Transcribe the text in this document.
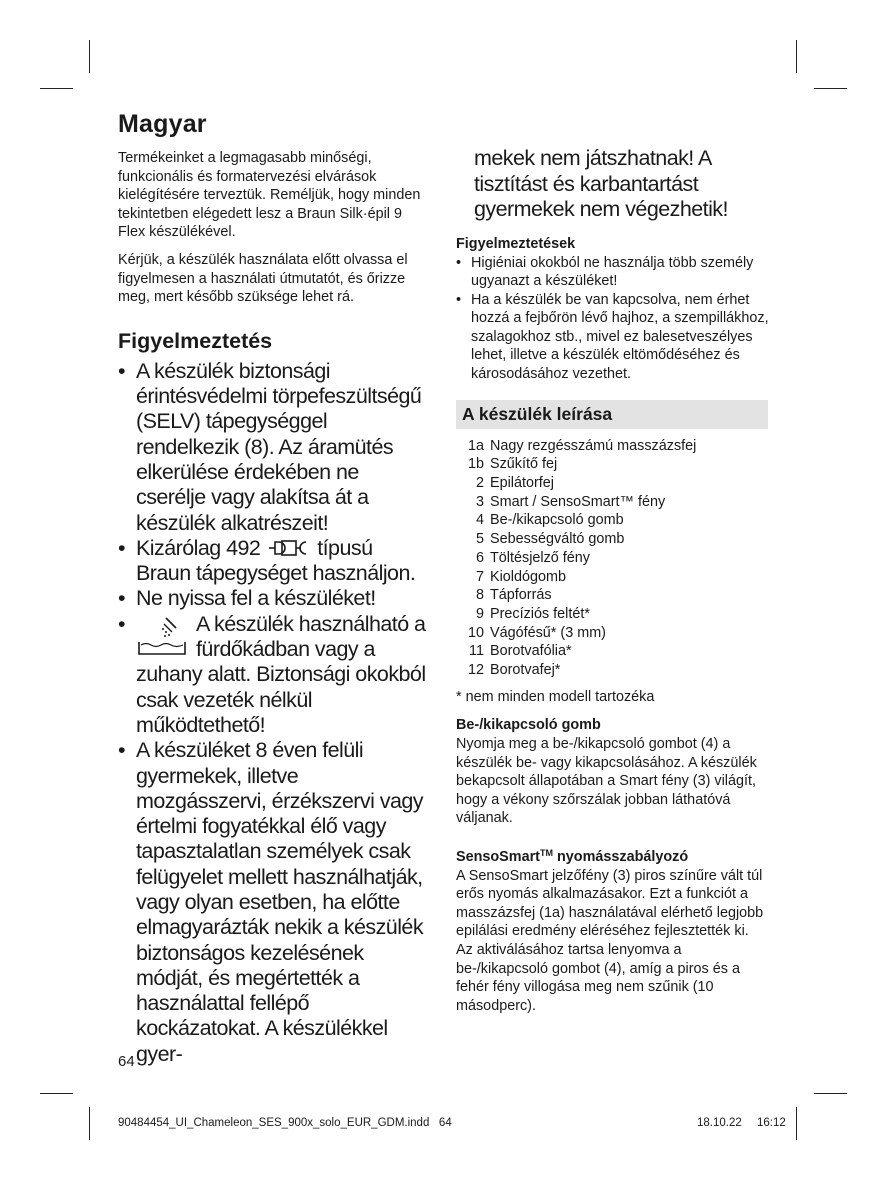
Magyar

Termékeinket a legmagasabb minőségi, funkcionális és formatervezési elvárások kielégítésére terveztük. Reméljük, hogy minden tekintetben elégedett lesz a Braun Silk·épil 9 Flex készülékével.

Kérjük, a készülék használata előtt olvassa el figyelmesen a használati útmutatót, és őrizze meg, mert később szüksége lehet rá.

Figyelmeztetés
• A készülék biztonsági érintésvédelmi törpefeszültségű (SELV) tápegységgel rendelkezik (8). Az áramütés elkerülése érdekében ne cserélje vagy alakítsa át a készülék alkatrészeit!
• Kizárólag 492	típusú Braun tápegységet használjon.
• Ne nyissa fel a készüléket!
•	A készülék használható a fürdőkádban vagy a zuhany alatt. Biztonsági okokból csak vezeték nélkül működtethető!
• A készüléket 8 éven felüli gyermekek, illetve mozgásszervi, érzékszervi vagy értelmi fogyatékkal élő vagy tapasztalatlan személyek csak felügyelet mellett használhatják, vagy olyan esetben, ha előtte elmagyarázták nekik a készülék biztonságos kezelésének módját, és megértették a használattal fellépő kockázatokat. A készülékkel gyer-

mekek nem játszhatnak! A tisztítást és karbantartást gyermekek nem végezhetik!

Figyelmeztetések
• Higiéniai okokból ne használja több személy ugyanazt a készüléket!
• Ha a készülék be van kapcsolva, nem érhet hozzá a fejbőrön lévő hajhoz, a szempillákhoz, szalagokhoz stb., mivel ez balesetveszélyes lehet, illetve a készülék eltömődéséhez és károsodásához vezethet.
A készülék leírása
1a Nagy rezgésszámú masszázsfej
1b Szűkítő fej
2 Epilátorfej
3 Smart / SensoSmart™ fény
4 Be-/kikapcsoló gomb
5 Sebességváltó gomb
6 Töltésjelző fény
7 Kioldógomb
8 Tápforrás
9 Precíziós feltét*
10 Vágófésű* (3 mm)
11 Borotvafólia*
12 Borotvafej*

* nem minden modell tartozéka

Be-/kikapcsoló gomb

Nyomja meg a be-/kikapcsoló gombot (4) a készülék be- vagy kikapcsolásához. A készülék bekapcsolt állapotában a Smart fény (3) világít, hogy a vékony szőrszálak jobban láthatóvá váljanak.

SensoSmart™ nyomásszabályozó

A SensoSmart jelzőfény (3) piros színűre vált túl erős nyomás alkalmazásakor. Ezt a funkciót a masszázsfej (1a) használatával elérhető legjobb epilálási eredmény eléréséhez fejlesztették ki.

Az aktiválásához tartsa lenyomva a be-/kikapcsoló gombot (4), amíg a piros és a fehér fény villogása meg nem szűnik (10 másodperc).

64
90484454_UI_Chameleon_SES_900x_solo_EUR_GDM.indd   64	18.10.22 16:12
